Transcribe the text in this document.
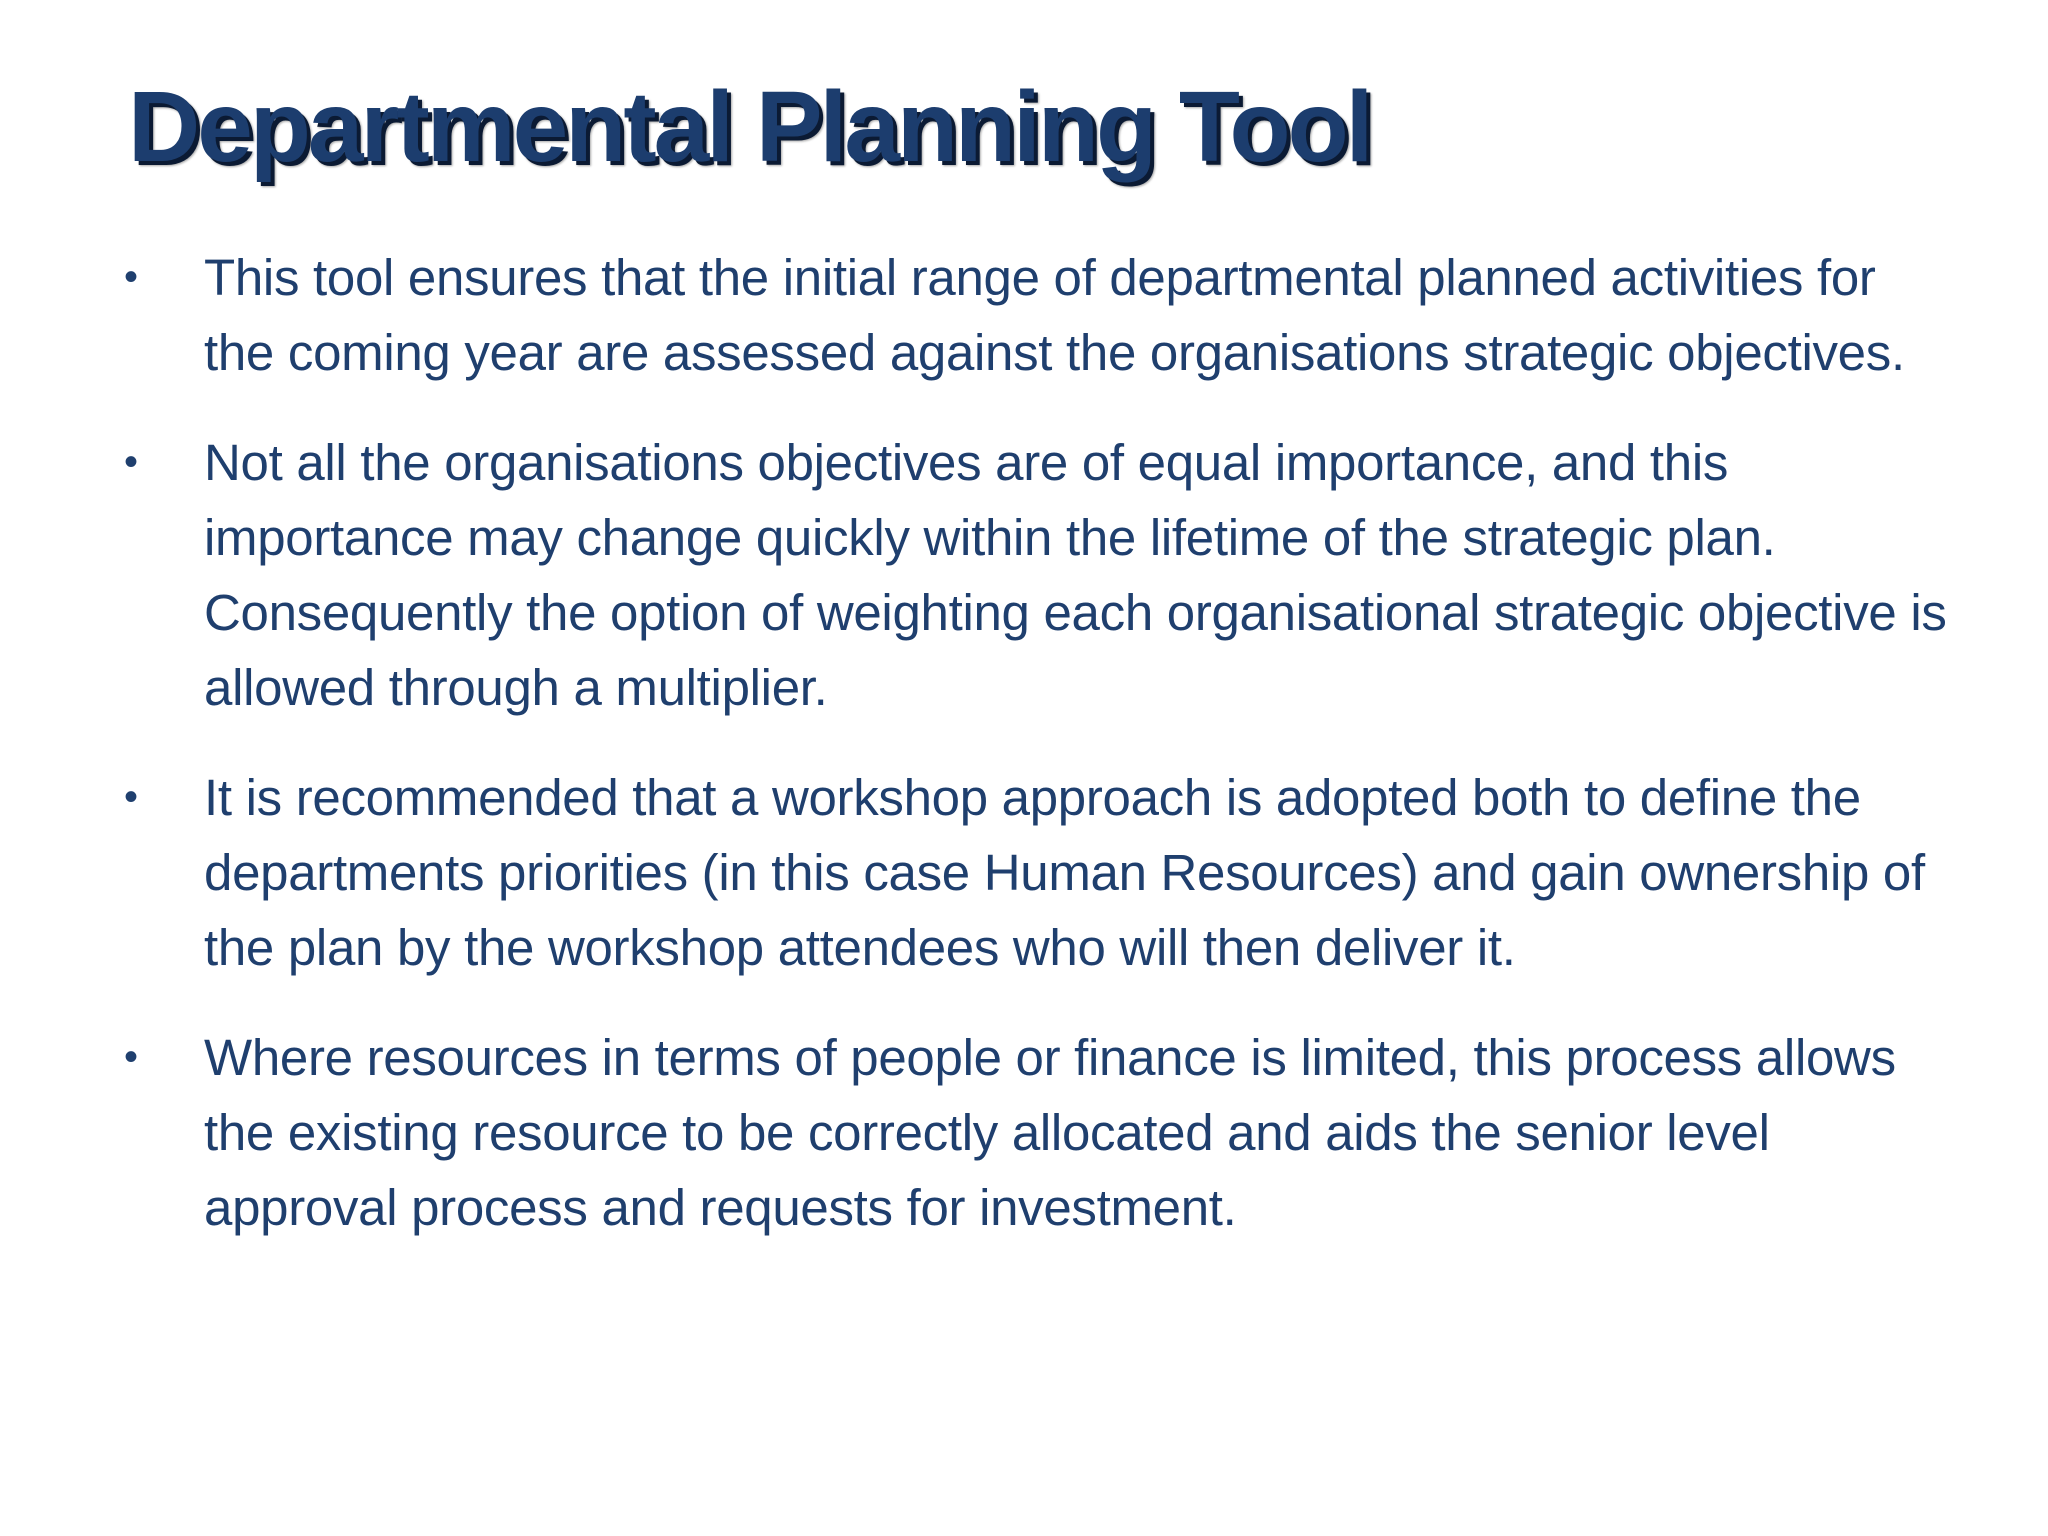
Departmental Planning Tool
• This tool ensures that the initial range of departmental planned activities for the coming year are assessed against the organisations strategic objectives.
• Not all the organisations objectives are of equal importance, and this importance may change quickly within the lifetime of the strategic plan. Consequently the option of weighting each organisational strategic objective is allowed through a multiplier.
• It is recommended that a workshop approach is adopted both to define the departments priorities (in this case Human Resources) and gain ownership of the plan by the workshop attendees who will then deliver it.
• Where resources in terms of people or finance is limited, this process allows the existing resource to be correctly allocated and aids the senior level approval process and requests for investment.
